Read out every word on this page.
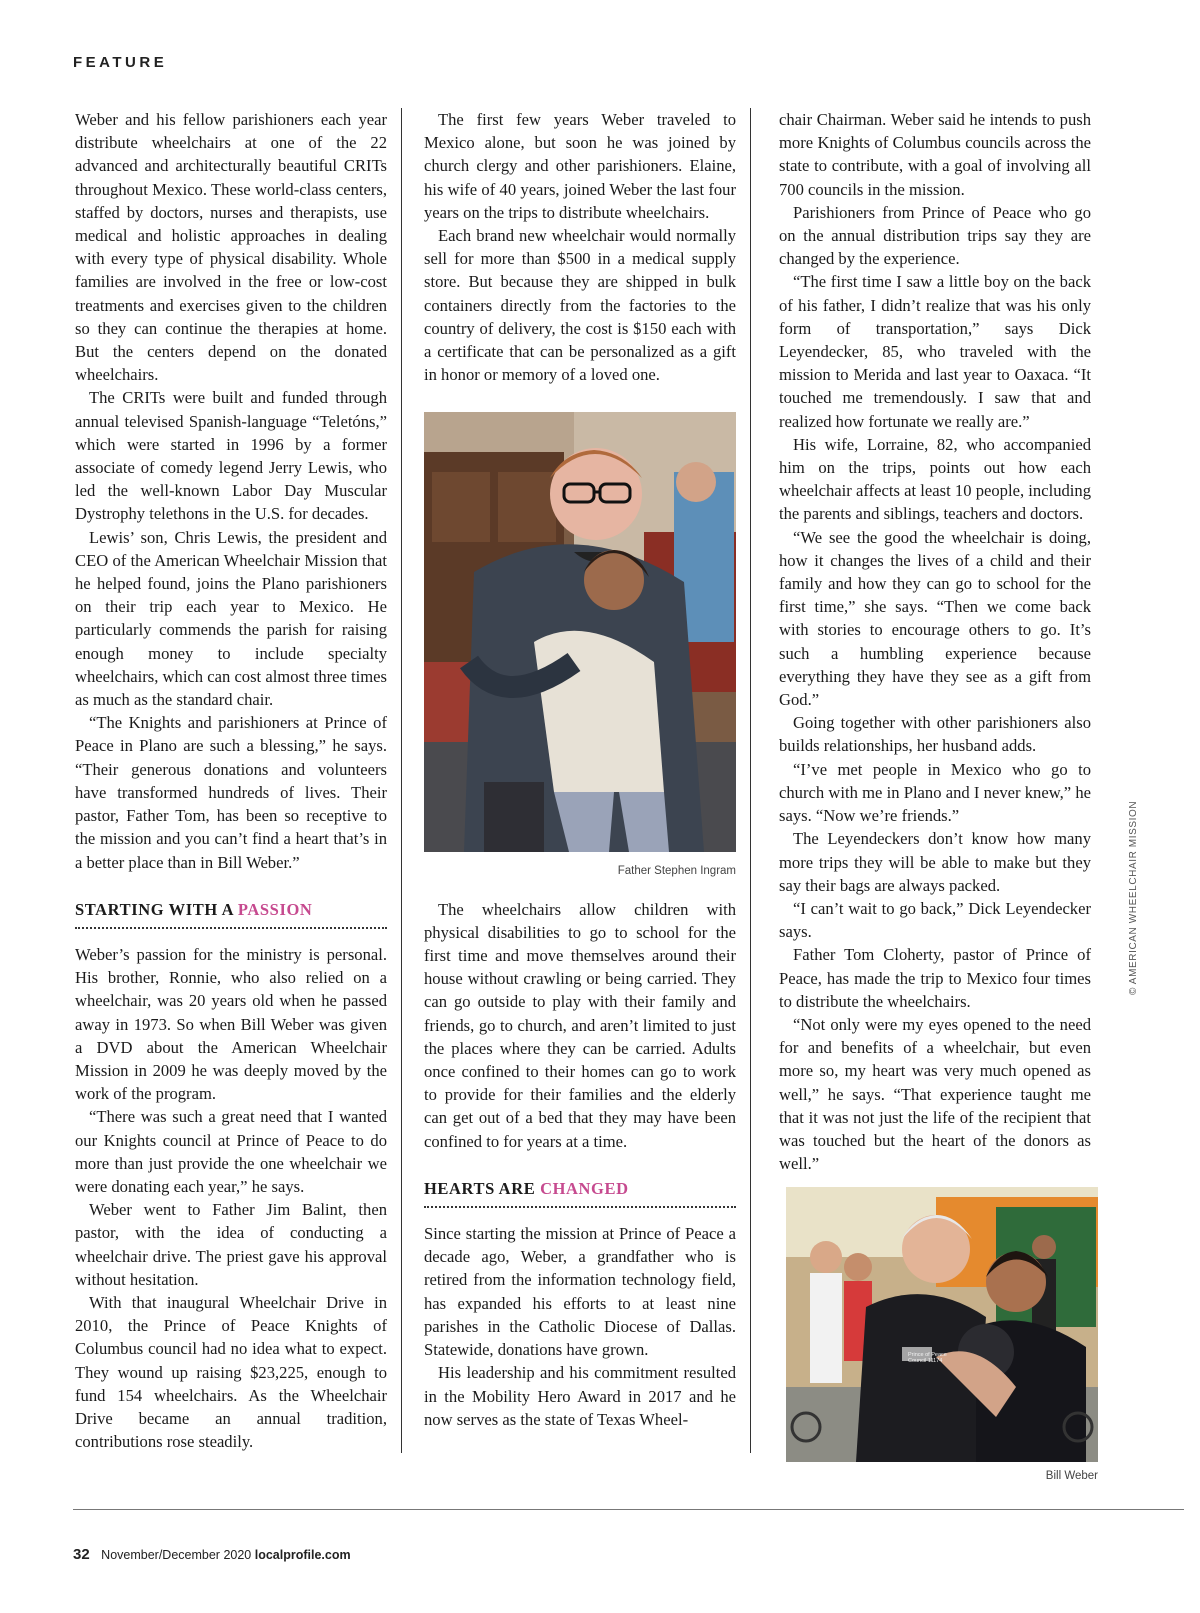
FEATURE

Weber and his fellow parishioners each year distribute wheelchairs at one of the 22 advanced and architecturally beautiful CRITs throughout Mexico. These world-class centers, staffed by doctors, nurses and therapists, use medical and holistic approaches in dealing with every type of physical disability. Whole families are involved in the free or low-cost treatments and exercises given to the children so they can continue the therapies at home. But the centers depend on the donated wheelchairs.

The CRITs were built and funded through annual televised Spanish-language “Teletóns,” which were started in 1996 by a former associate of comedy legend Jerry Lewis, who led the well-known Labor Day Muscular Dystrophy telethons in the U.S. for decades.

Lewis’ son, Chris Lewis, the president and CEO of the American Wheelchair Mission that he helped found, joins the Plano parishioners on their trip each year to Mexico. He particularly commends the parish for raising enough money to include specialty wheelchairs, which can cost almost three times as much as the standard chair.

“The Knights and parishioners at Prince of Peace in Plano are such a blessing,” he says. “Their generous donations and volunteers have transformed hundreds of lives. Their pastor, Father Tom, has been so receptive to the mission and you can’t find a heart that’s in a better place than in Bill Weber.”

STARTING WITH A PASSION

Weber’s passion for the ministry is personal. His brother, Ronnie, who also relied on a wheelchair, was 20 years old when he passed away in 1973. So when Bill Weber was given a DVD about the American Wheelchair Mission in 2009 he was deeply moved by the work of the program.

“There was such a great need that I wanted our Knights council at Prince of Peace to do more than just provide the one wheelchair we were donating each year,” he says.

Weber went to Father Jim Balint, then pastor, with the idea of conducting a wheelchair drive. The priest gave his approval without hesitation.

With that inaugural Wheelchair Drive in 2010, the Prince of Peace Knights of Columbus council had no idea what to expect. They wound up raising $23,225, enough to fund 154 wheelchairs. As the Wheelchair Drive became an annual tradition, contributions rose steadily.

The first few years Weber traveled to Mexico alone, but soon he was joined by church clergy and other parishioners. Elaine, his wife of 40 years, joined Weber the last four years on the trips to distribute wheelchairs.

Each brand new wheelchair would normally sell for more than $500 in a medical supply store. But because they are shipped in bulk containers directly from the factories to the country of delivery, the cost is $150 each with a certificate that can be personalized as a gift in honor or memory of a loved one.

Father Stephen Ingram

The wheelchairs allow children with physical disabilities to go to school for the first time and move themselves around their house without crawling or being carried. They can go outside to play with their family and friends, go to church, and aren’t limited to just the places where they can be carried. Adults once confined to their homes can go to work to provide for their families and the elderly can get out of a bed that they may have been confined to for years at a time.

HEARTS ARE CHANGED

Since starting the mission at Prince of Peace a decade ago, Weber, a grandfather who is retired from the information technology field, has expanded his efforts to at least nine parishes in the Catholic Diocese of Dallas. Statewide, donations have grown.

His leadership and his commitment resulted in the Mobility Hero Award in 2017 and he now serves as the state of Texas Wheel-

chair Chairman. Weber said he intends to push more Knights of Columbus councils across the state to contribute, with a goal of involving all 700 councils in the mission.

Parishioners from Prince of Peace who go on the annual distribution trips say they are changed by the experience.

“The first time I saw a little boy on the back of his father, I didn’t realize that was his only form of transportation,” says Dick Leyendecker, 85, who traveled with the mission to Merida and last year to Oaxaca. “It touched me tremendously. I saw that and realized how fortunate we really are.”

His wife, Lorraine, 82, who accompanied him on the trips, points out how each wheelchair affects at least 10 people, including the parents and siblings, teachers and doctors.

“We see the good the wheelchair is doing, how it changes the lives of a child and their family and how they can go to school for the first time,” she says. “Then we come back with stories to encourage others to go. It’s such a humbling experience because everything they have they see as a gift from God.”

Going together with other parishioners also builds relationships, her husband adds.

“I’ve met people in Mexico who go to church with me in Plano and I never knew,” he says. “Now we’re friends.”

The Leyendeckers don’t know how many more trips they will be able to make but they say their bags are always packed.

“I can’t wait to go back,” Dick Leyendecker says.

Father Tom Cloherty, pastor of Prince of Peace, has made the trip to Mexico four times to distribute the wheelchairs.

“Not only were my eyes opened to the need for and benefits of a wheelchair, but even more so, my heart was very much opened as well,” he says. “That experience taught me that it was not just the life of the recipient that was touched but the heart of the donors as well.”

Prince of Peace Council 11174
Bill Weber
© AMERICAN WHEELCHAIR MISSION
32 November/December 2020 localprofile.com
